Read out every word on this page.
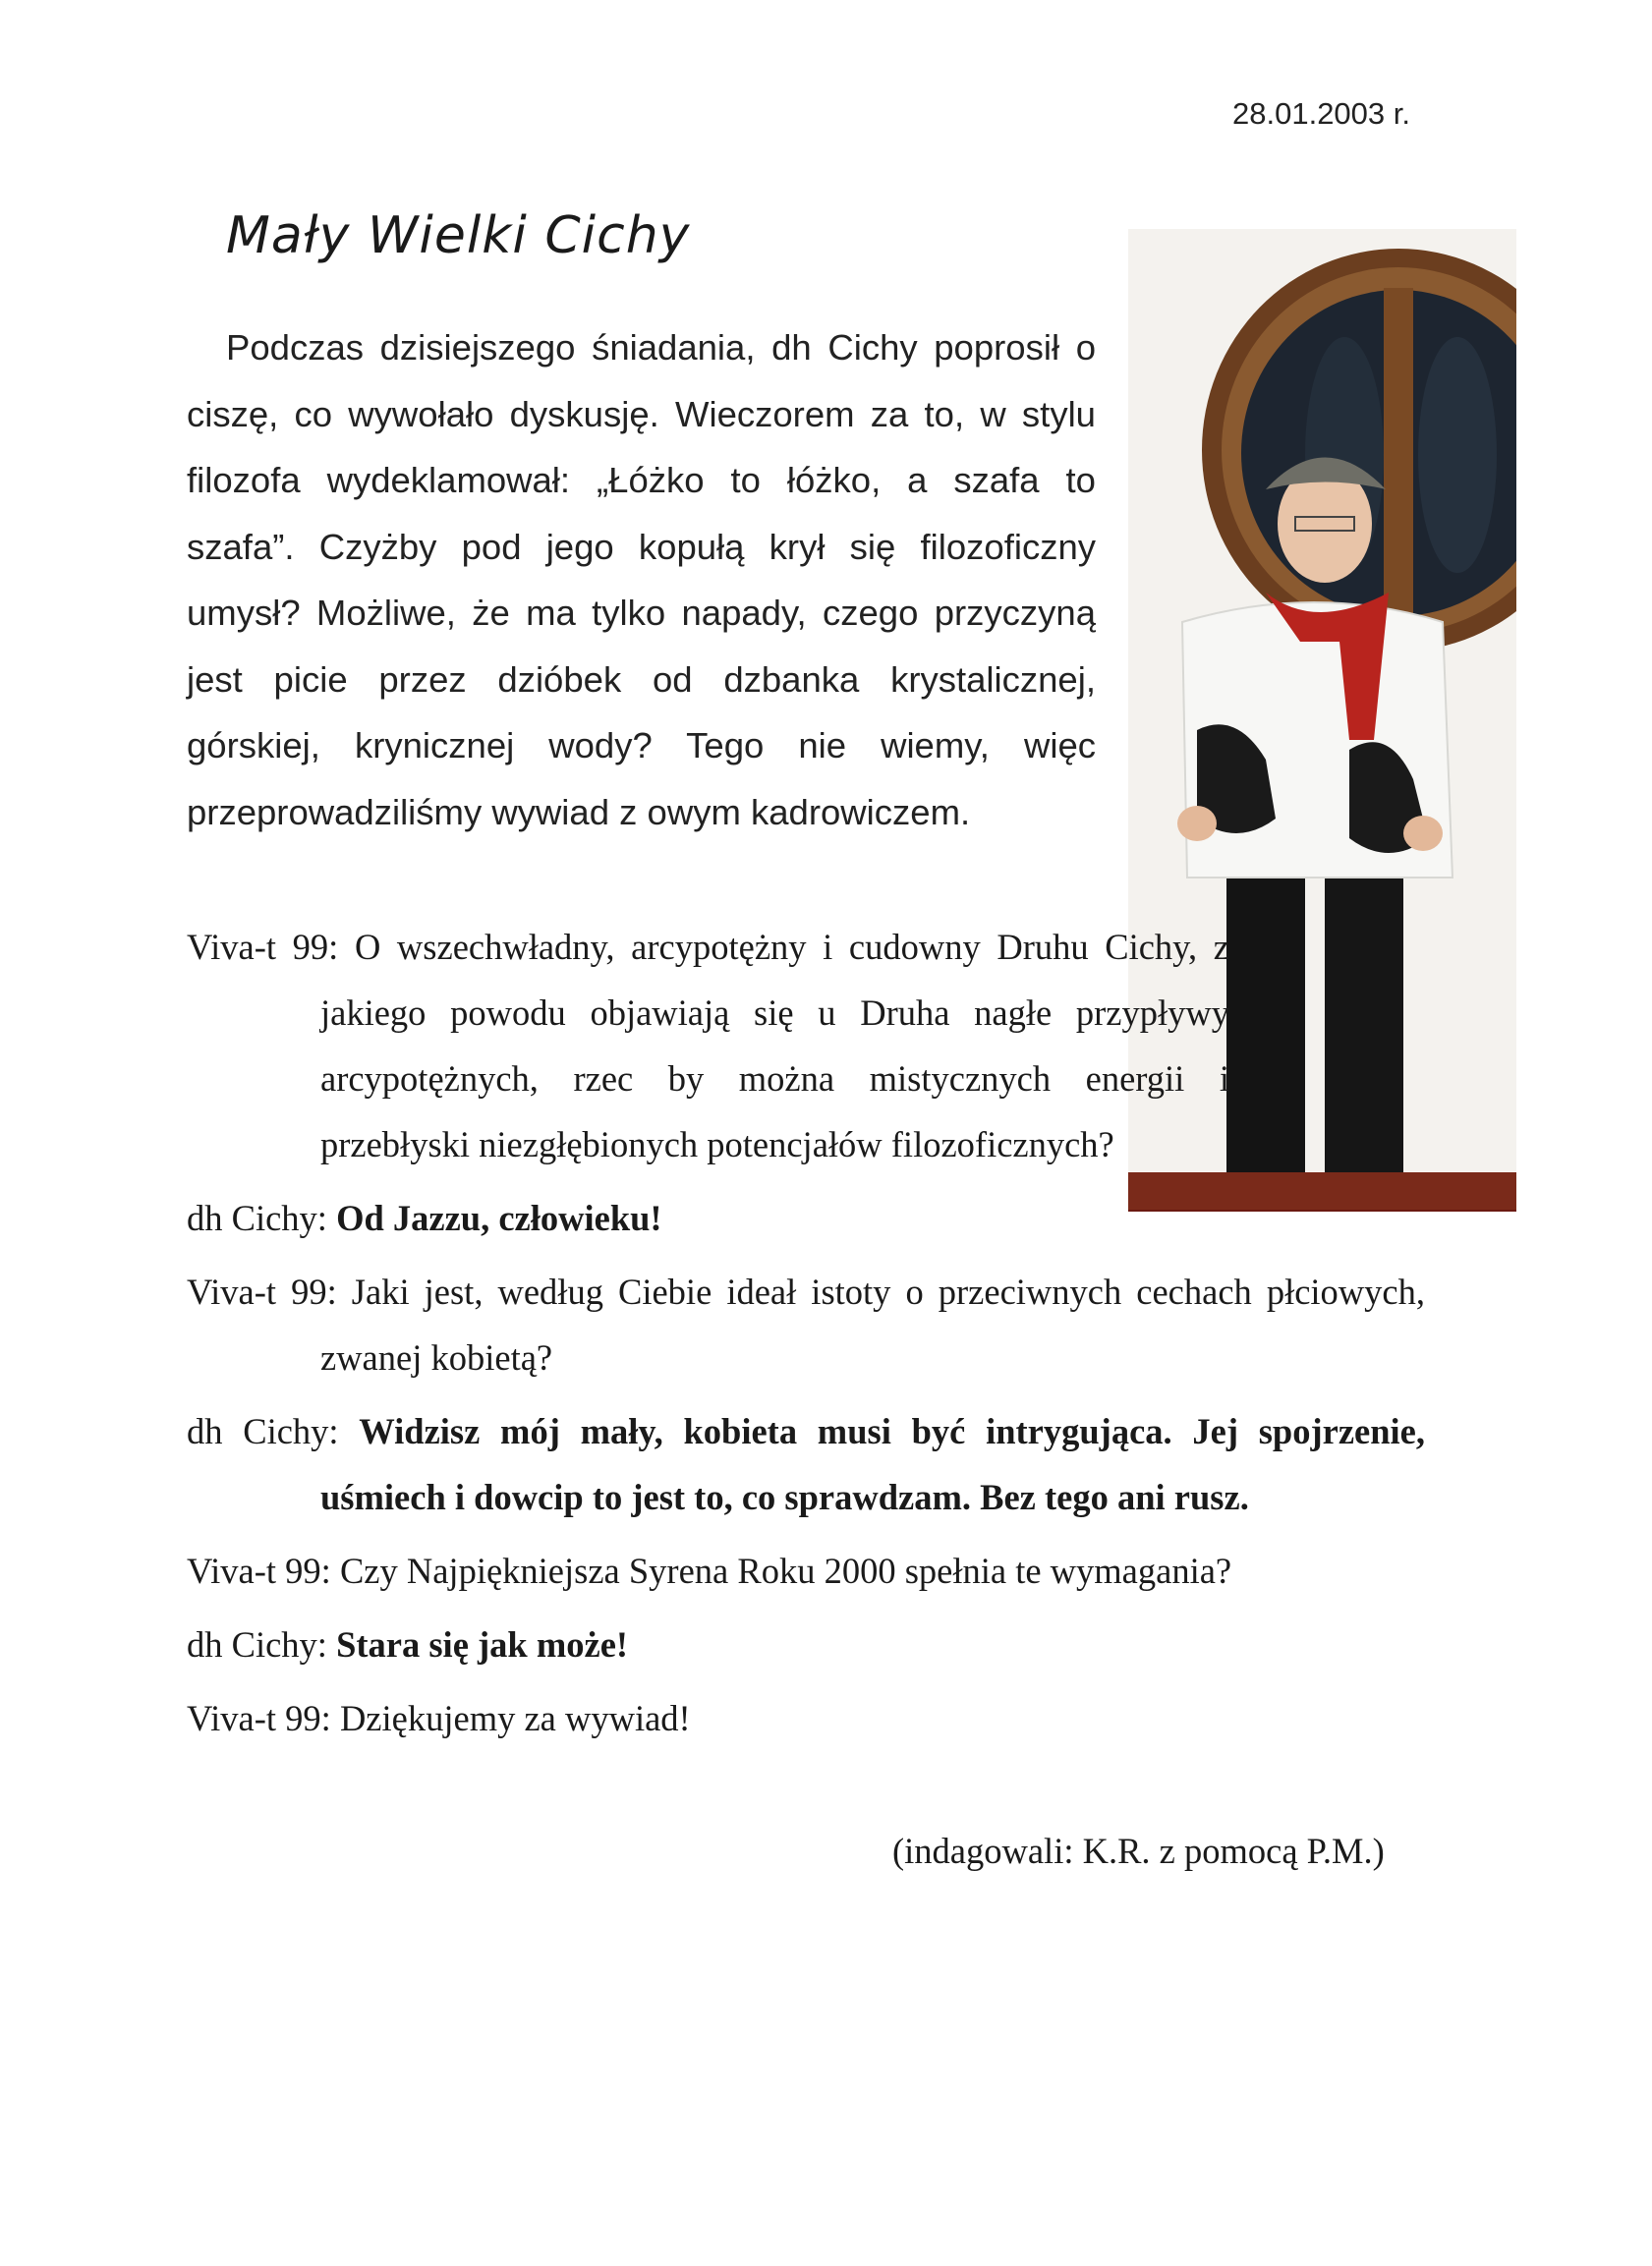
28.01.2003 r.
Mały Wielki Cichy

Podczas dzisiejszego śniadania, dh Cichy poprosił o ciszę, co wywołało dyskusję. Wieczorem za to, w stylu filozofa wydeklamował: „Łóżko to łóżko, a szafa to szafa”. Czyżby pod jego kopułą krył się filozoficzny umysł? Możliwe, że ma tylko napady, czego przyczyną jest picie przez dzióbek od dzbanka krystalicznej, górskiej, krynicznej wody? Tego nie wiemy, więc przeprowadziliśmy wywiad z owym kadrowiczem.

Viva-t 99: O wszechwładny, arcypotężny i cudowny Druhu Cichy, z jakiego powodu objawiają się u Druha nagłe przypływy arcypotężnych, rzec by można mistycznych energii i przebłyski niezgłębionych potencjałów filozoficznych?

dh Cichy: Od Jazzu, człowieku!

Viva-t 99: Jaki jest, według Ciebie ideał istoty o przeciwnych cechach płciowych, zwanej kobietą?

dh Cichy: Widzisz mój mały, kobieta musi być intrygująca. Jej spojrzenie, uśmiech i dowcip to jest to, co sprawdzam. Bez tego ani rusz.

Viva-t 99: Czy Najpiękniejsza Syrena Roku 2000 spełnia te wymagania?

dh Cichy: Stara się jak może!

Viva-t 99: Dziękujemy za wywiad!

(indagowali: K.R. z pomocą P.M.)
